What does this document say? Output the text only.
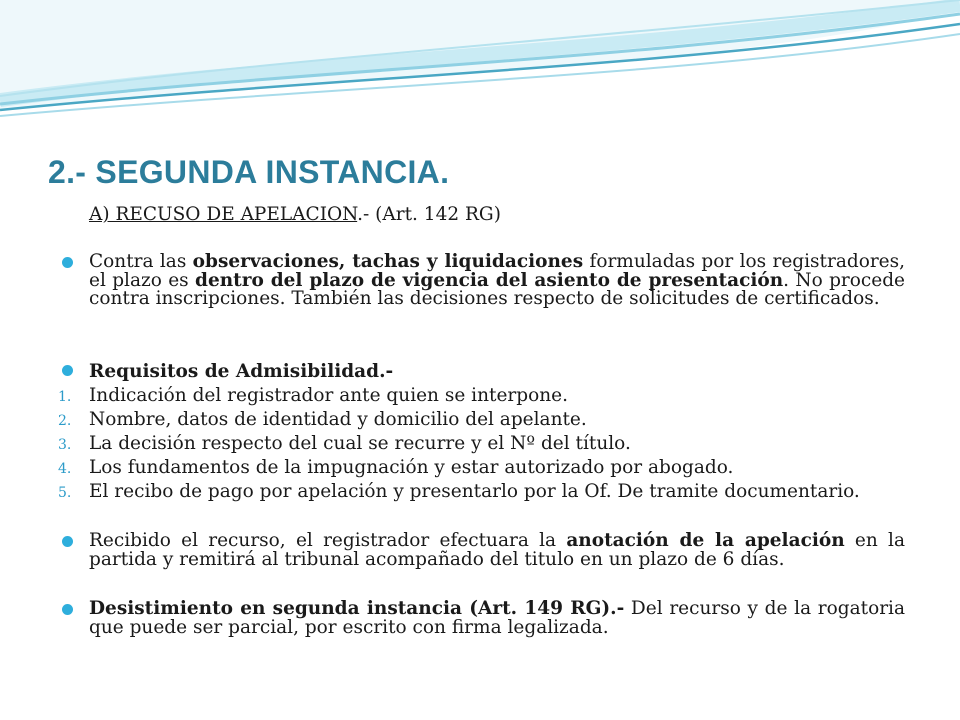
2.- SEGUNDA INSTANCIA.
A) RECUSO DE APELACION.- (Art. 142 RG)

Contra las observaciones, tachas y liquidaciones formuladas por los registradores, el plazo es dentro del plazo de vigencia del asiento de presentación. No procede contra inscripciones. También las decisiones respecto de solicitudes de certificados.

Requisitos de Admisibilidad.-
1. Indicación del registrador ante quien se interpone.
2. Nombre, datos de identidad y domicilio del apelante.
3. La decisión respecto del cual se recurre y el Nº del título.
4. Los fundamentos de la impugnación y estar autorizado por abogado.
5. El recibo de pago por apelación y presentarlo por la Of. De tramite documentario.

Recibido el recurso, el registrador efectuara la anotación de la apelación en la partida y remitirá al tribunal acompañado del titulo en un plazo de 6 días.

Desistimiento en segunda instancia (Art. 149 RG).- Del recurso y de la rogatoria que puede ser parcial, por escrito con firma legalizada.
